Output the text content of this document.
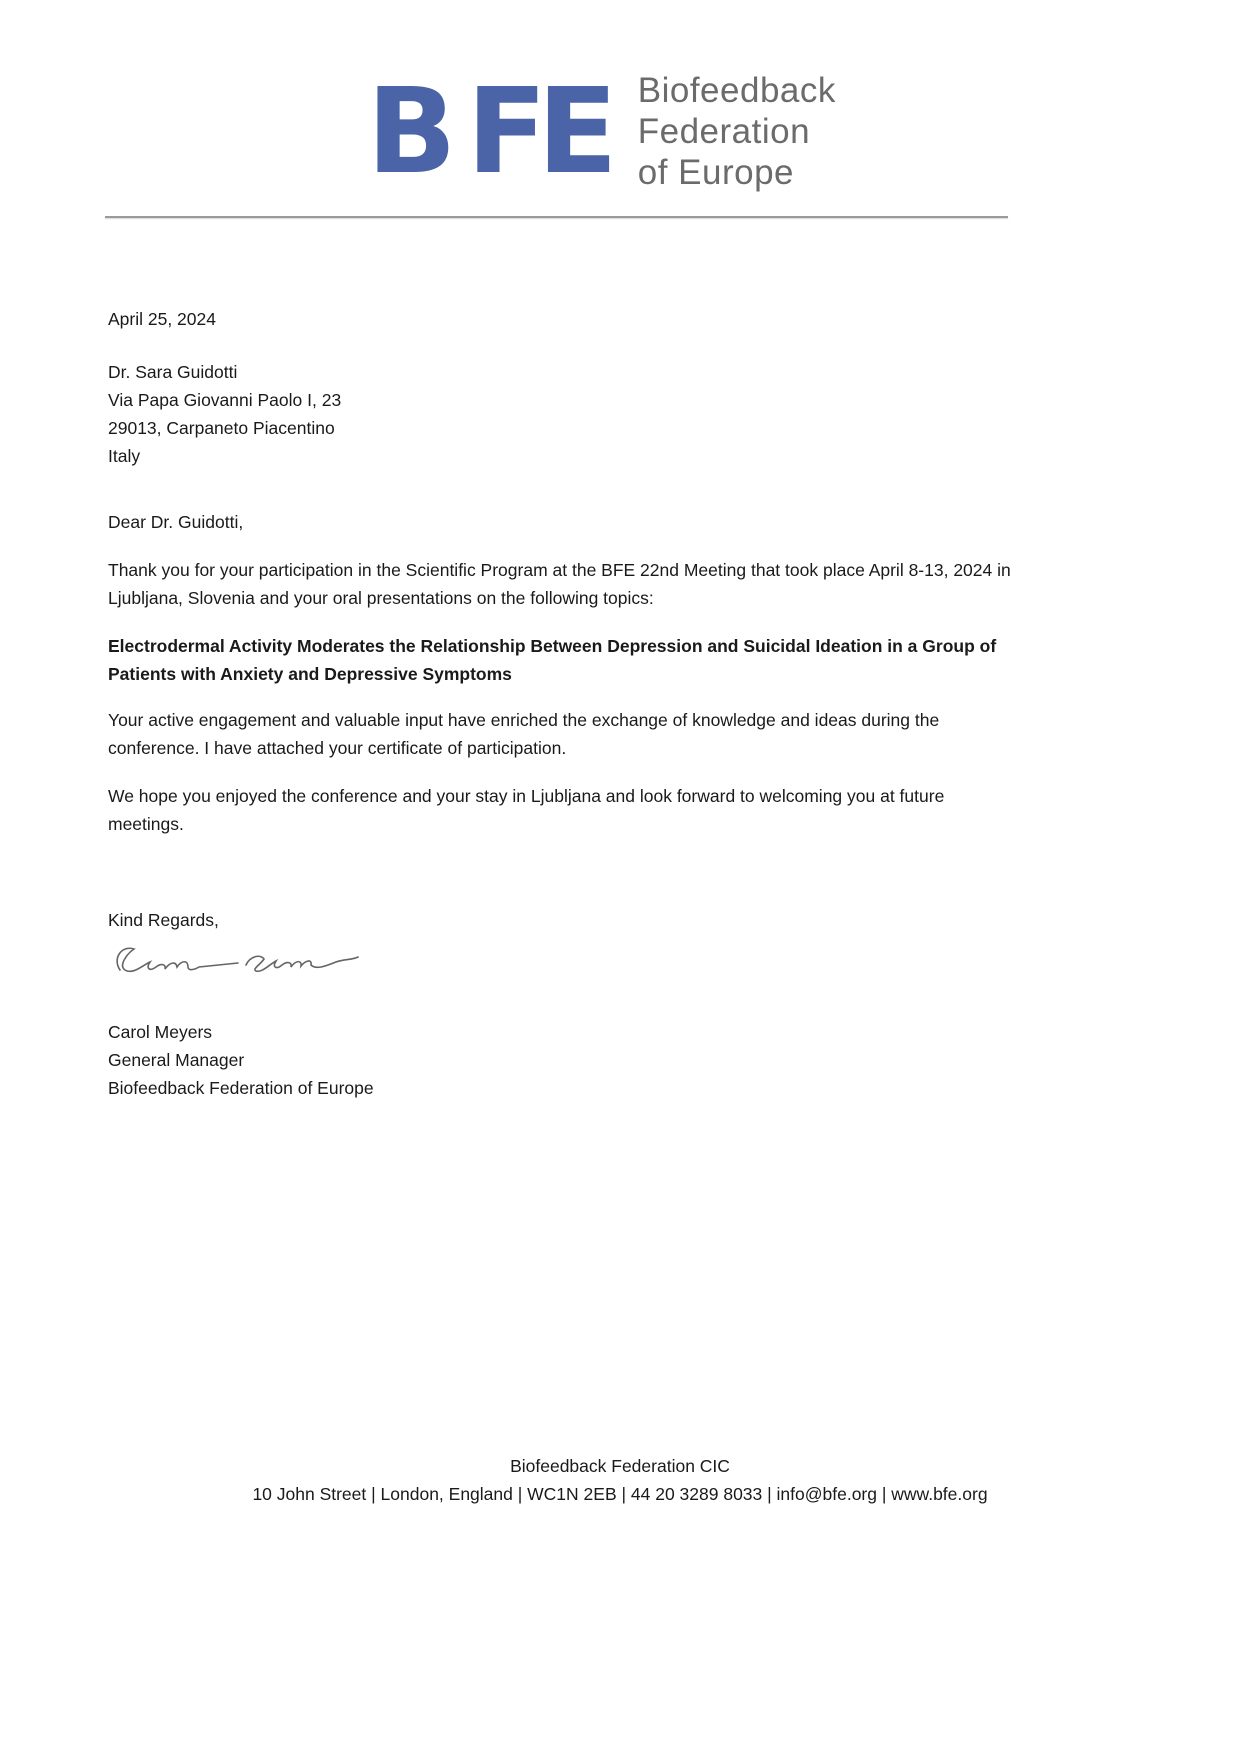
B FE Biofeedback
Federation
of Europe

April 25, 2024

Dr. Sara Guidotti
Via Papa Giovanni Paolo I, 23
29013, Carpaneto Piacentino
Italy

Dear Dr. Guidotti,

Thank you for your participation in the Scientific Program at the BFE 22nd Meeting that took place April 8-13, 2024 in Ljubljana, Slovenia and your oral presentations on the following topics:

Electrodermal Activity Moderates the Relationship Between Depression and Suicidal Ideation in a Group of Patients with Anxiety and Depressive Symptoms

Your active engagement and valuable input have enriched the exchange of knowledge and ideas during the conference. I have attached your certificate of participation.

We hope you enjoyed the conference and your stay in Ljubljana and look forward to welcoming you at future meetings.

Kind Regards,

Carol Meyers
General Manager
Biofeedback Federation of Europe
Biofeedback Federation CIC
10 John Street | London, England | WC1N 2EB | 44 20 3289 8033 | info@bfe.org | www.bfe.org
